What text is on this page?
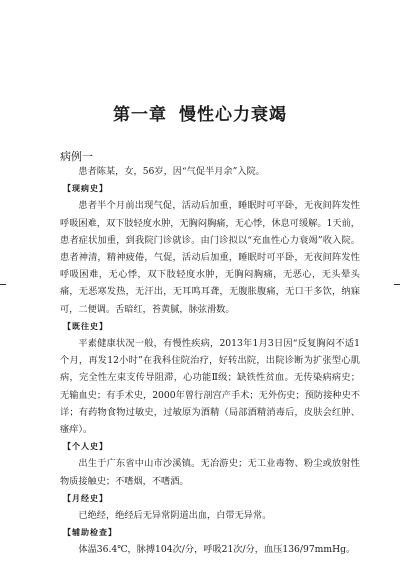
第一章 慢性心力衰竭
病例一

患者陈某，女，56岁，因“气促半月余”入院。

【现病史】

患者半个月前出现气促，活动后加重，睡眠时可平卧，无夜间阵发性呼吸困难，双下肢轻度水肿，无胸闷胸痛，无心悸，休息可缓解。1天前，患者症状加重，到我院门诊就诊。由门诊拟以“充血性心力衰竭”收入院。患者神清，精神疲倦，气促，活动后加重，睡眠时可平卧，无夜间阵发性呼吸困难，无心悸，双下肢轻度水肿，无胸闷胸痛，无恶心，无头晕头痛，无恶寒发热，无汗出，无耳鸣耳聋，无腹胀腹痛，无口干多饮，纳寐可，二便调。舌暗红，苔黄腻，脉弦滑数。

【既往史】

平素健康状况一般，有慢性疾病，2013年1月3日因“反复胸闷不适1个月，再发12小时”在我科住院治疗，好转出院，出院诊断为扩张型心肌病，完全性左束支传导阻滞，心功能Ⅱ级；缺铁性贫血。无传染病病史；无输血史；有手术史，2000年曾行剖宫产手术；无外伤史；预防接种史不详；有药物食物过敏史，过敏原为酒精（局部酒精消毒后，皮肤会红肿、瘙痒）。

【个人史】

出生于广东省中山市沙溪镇。无冶游史；无工业毒物、粉尘或放射性物质接触史；不嗜烟，不嗜酒。

【月经史】

已绝经，绝经后无异常阴道出血，白带无异常。

【辅助检查】

体温36.4℃，脉搏104次/分，呼吸21次/分，血压136/97mmHg。
